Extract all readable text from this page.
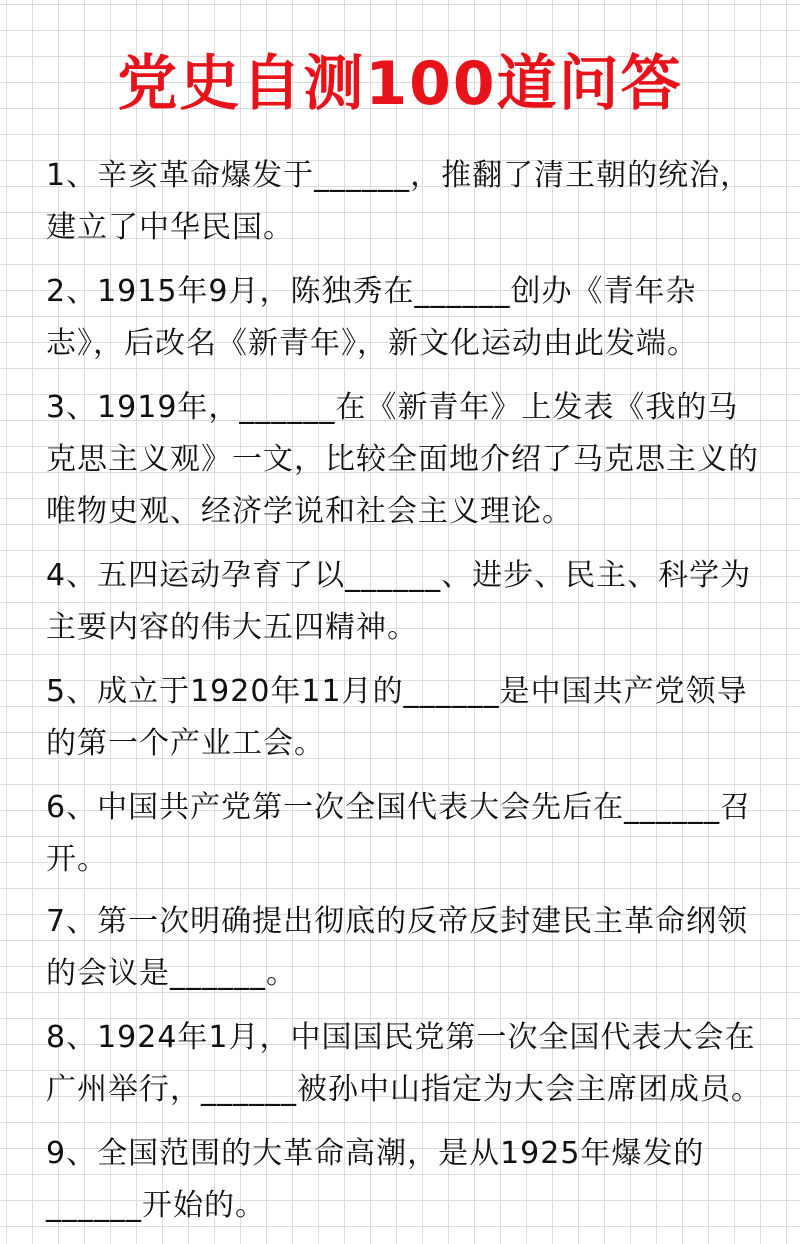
党史自测100道问答
1、辛亥革命爆发于______，推翻了清王朝的统治，建立了中华民国。
2、1915年9月，陈独秀在______创办《青年杂志》，后改名《新青年》，新文化运动由此发端。
3、1919年，______在《新青年》上发表《我的马克思主义观》一文，比较全面地介绍了马克思主义的唯物史观、经济学说和社会主义理论。
4、五四运动孕育了以______、进步、民主、科学为主要内容的伟大五四精神。
5、成立于1920年11月的______是中国共产党领导的第一个产业工会。
6、中国共产党第一次全国代表大会先后在______召开。
7、第一次明确提出彻底的反帝反封建民主革命纲领的会议是______。
8、1924年1月，中国国民党第一次全国代表大会在广州举行，______被孙中山指定为大会主席团成员。
9、全国范围的大革命高潮，是从1925年爆发的______开始的。
